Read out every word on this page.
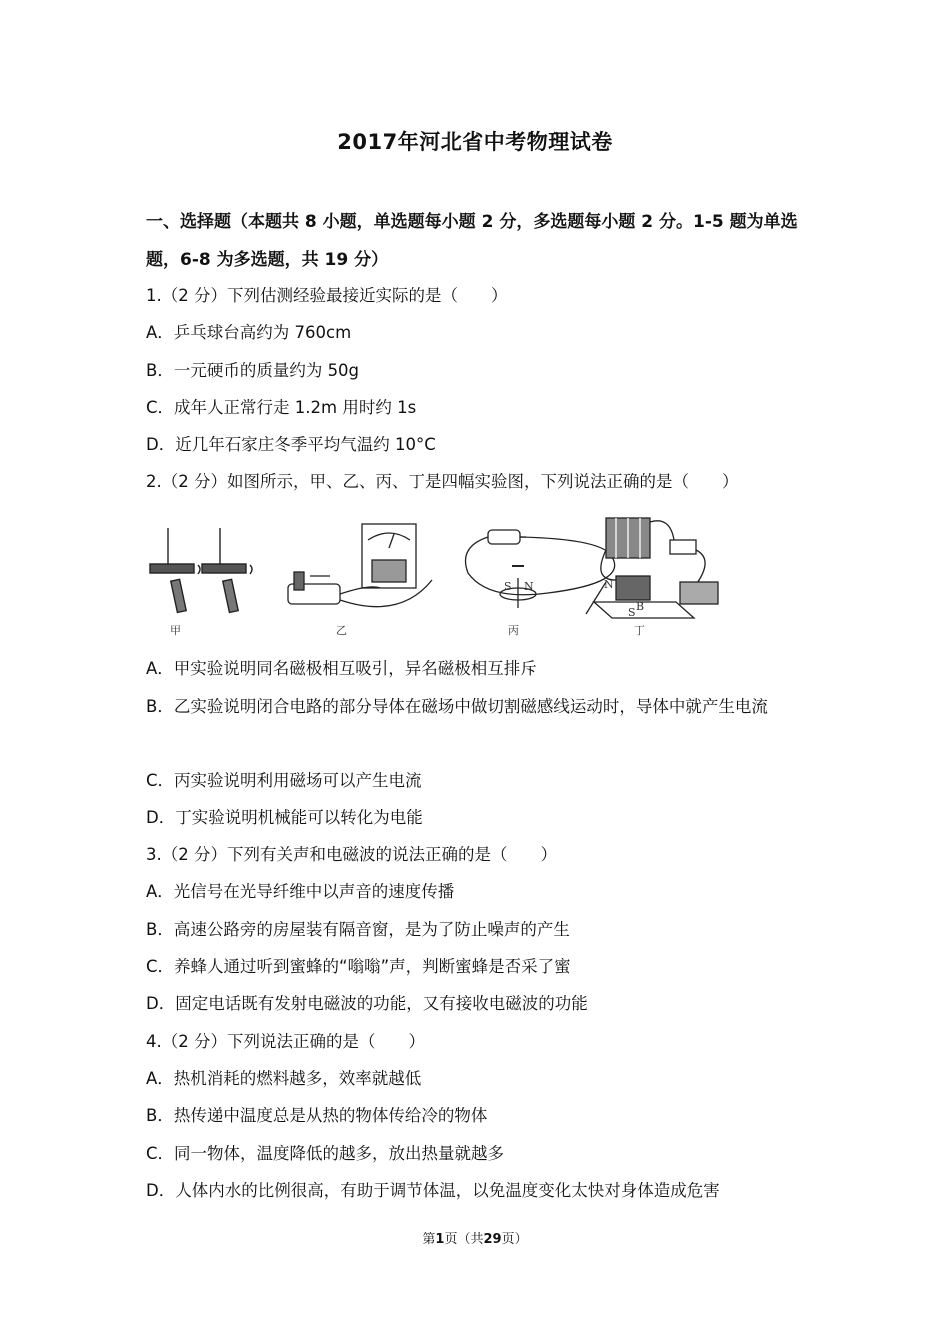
2017年河北省中考物理试卷
一、选择题（本题共 8 小题，单选题每小题 2 分，多选题每小题 2 分。1-5 题为单选题，6-8 为多选题，共 19 分）
1.（2 分）下列估测经验最接近实际的是（　　）
A．乒乓球台高约为 760cm
B．一元硬币的质量约为 50g
C．成年人正常行走 1.2m 用时约 1s
D．近几年石家庄冬季平均气温约 10°C
2.（2 分）如图所示，甲、乙、丙、丁是四幅实验图，下列说法正确的是（　　）
甲	乙
S N
丙
N
B
S
丁
A．甲实验说明同名磁极相互吸引，异名磁极相互排斥
B．乙实验说明闭合电路的部分导体在磁场中做切割磁感线运动时，导体中就产生电流
C．丙实验说明利用磁场可以产生电流
D．丁实验说明机械能可以转化为电能
3.（2 分）下列有关声和电磁波的说法正确的是（　　）
A．光信号在光导纤维中以声音的速度传播
B．高速公路旁的房屋装有隔音窗，是为了防止噪声的产生
C．养蜂人通过听到蜜蜂的“嗡嗡”声，判断蜜蜂是否采了蜜
D．固定电话既有发射电磁波的功能，又有接收电磁波的功能
4.（2 分）下列说法正确的是（　　）
A．热机消耗的燃料越多，效率就越低
B．热传递中温度总是从热的物体传给冷的物体
C．同一物体，温度降低的越多，放出热量就越多
D．人体内水的比例很高，有助于调节体温，以免温度变化太快对身体造成危害
第1页（共29页）
